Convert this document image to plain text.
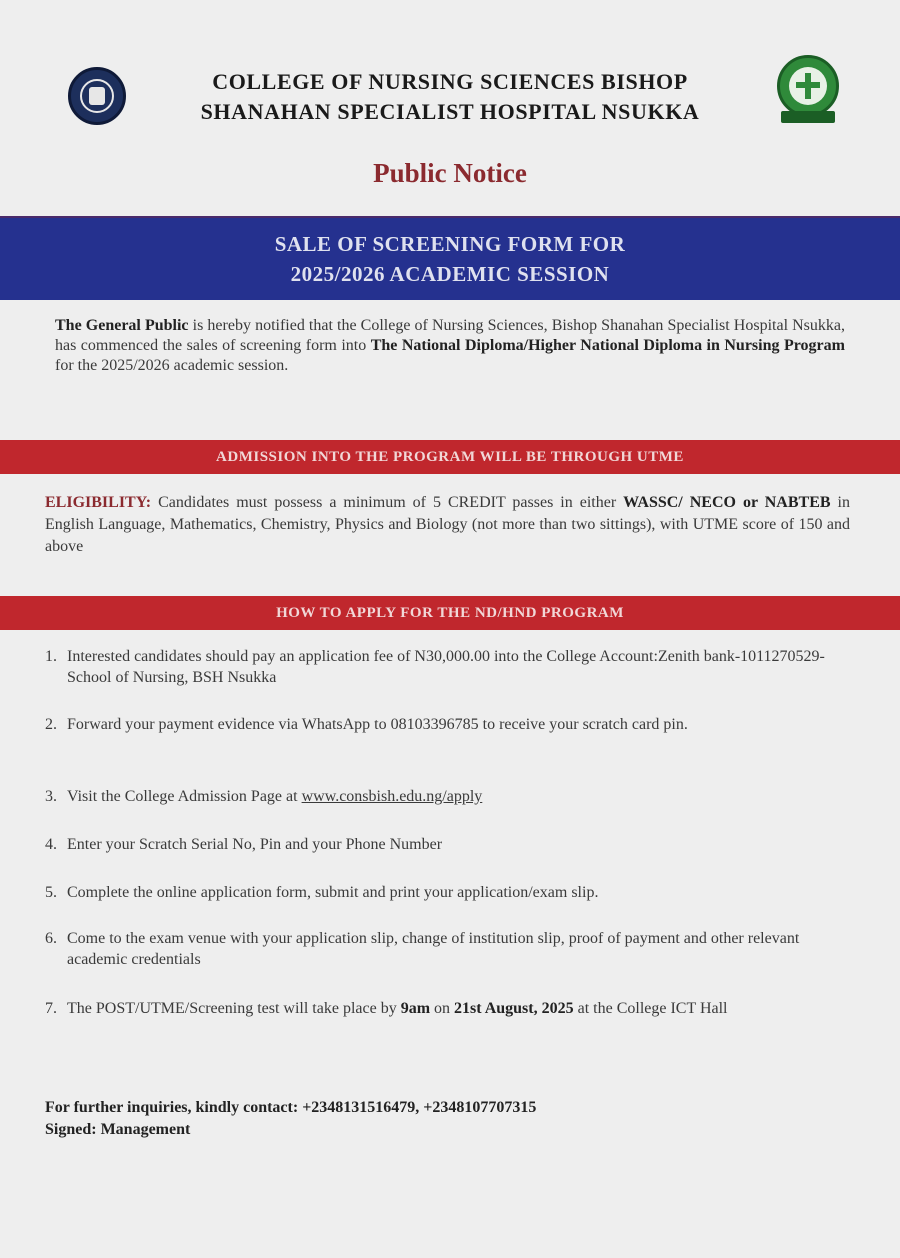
COLLEGE OF NURSING SCIENCES BISHOP
SHANAHAN SPECIALIST HOSPITAL NSUKKA
Public Notice
SALE OF SCREENING FORM FOR
2025/2026 ACADEMIC SESSION
The General Public is hereby notified that the College of Nursing Sciences, Bishop Shanahan Specialist Hospital Nsukka, has commenced the sales of screening form into The National Diploma/Higher National Diploma in Nursing Program for the 2025/2026 academic session.
ADMISSION INTO THE PROGRAM WILL BE THROUGH UTME
ELIGIBILITY: Candidates must possess a minimum of 5 CREDIT passes in either WASSC/ NECO or NABTEB in English Language, Mathematics, Chemistry, Physics and Biology (not more than two sittings), with UTME score of 150 and above
HOW TO APPLY FOR THE ND/HND PROGRAM
1. Interested candidates should pay an application fee of N30,000.00 into the College Account:Zenith bank-1011270529-School of Nursing, BSH Nsukka
2. Forward your payment evidence via WhatsApp to 08103396785 to receive your scratch card pin.
3. Visit the College Admission Page at www.consbish.edu.ng/apply
4. Enter your Scratch Serial No, Pin and your Phone Number
5. Complete the online application form, submit and print your application/exam slip.
6. Come to the exam venue with your application slip, change of institution slip, proof of payment and other relevant academic credentials
7. The POST/UTME/Screening test will take place by 9am on 21st August, 2025 at the College ICT Hall
For further inquiries, kindly contact: +2348131516479, +2348107707315
Signed: Management
